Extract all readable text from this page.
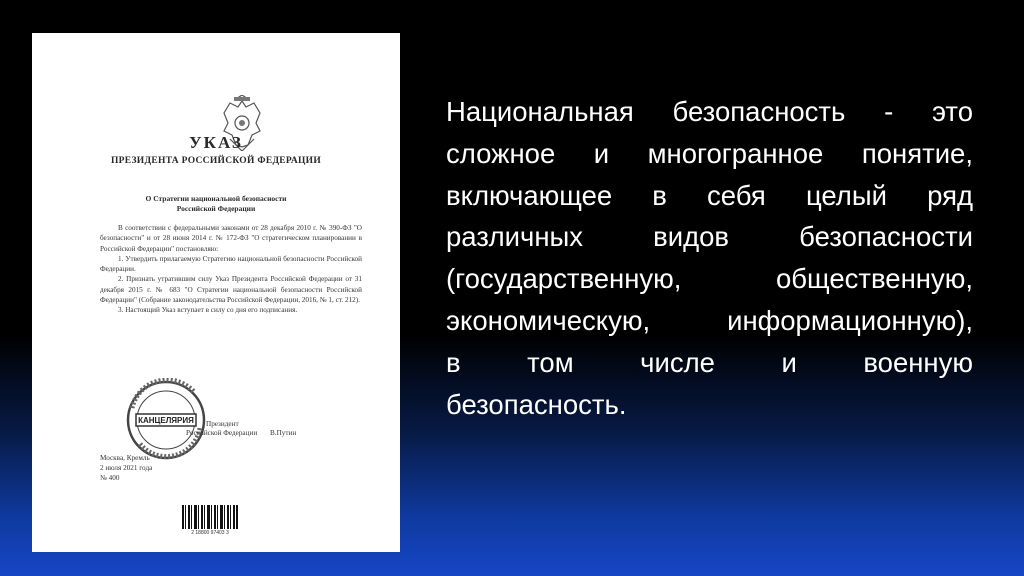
УКАЗ
ПРЕЗИДЕНТА РОССИЙСКОЙ ФЕДЕРАЦИИ
О Стратегии национальной безопасности
Российской Федерации
В соответствии с федеральными законами от 28 декабря 2010 г. № 390-ФЗ "О безопасности" и от 28 июня 2014 г. № 172-ФЗ "О стратегическом планировании в Российской Федерации" постановляю:
1. Утвердить прилагаемую Стратегию национальной безопасности Российской Федерации.
2. Признать утратившим силу Указ Президента Российской Федерации от 31 декабря 2015 г. № 683 "О Стратегии национальной безопасности Российской Федерации" (Собрание законодательства Российской Федерации, 2016, № 1, ст. 212).
3. Настоящий Указ вступает в силу со дня его подписания.
КАНЦЕЛЯРИЯ	Президент
Российской Федерации В.Путин
Москва, Кремль
2 июля 2021 года
№ 400
2 18800 97403 3
Национальная безопасность - это
сложное и многогранное понятие,
включающее в себя целый ряд
различных видов безопасности
(государственную, общественную,
экономическую, информационную),
в том числе и военную
безопасность.
